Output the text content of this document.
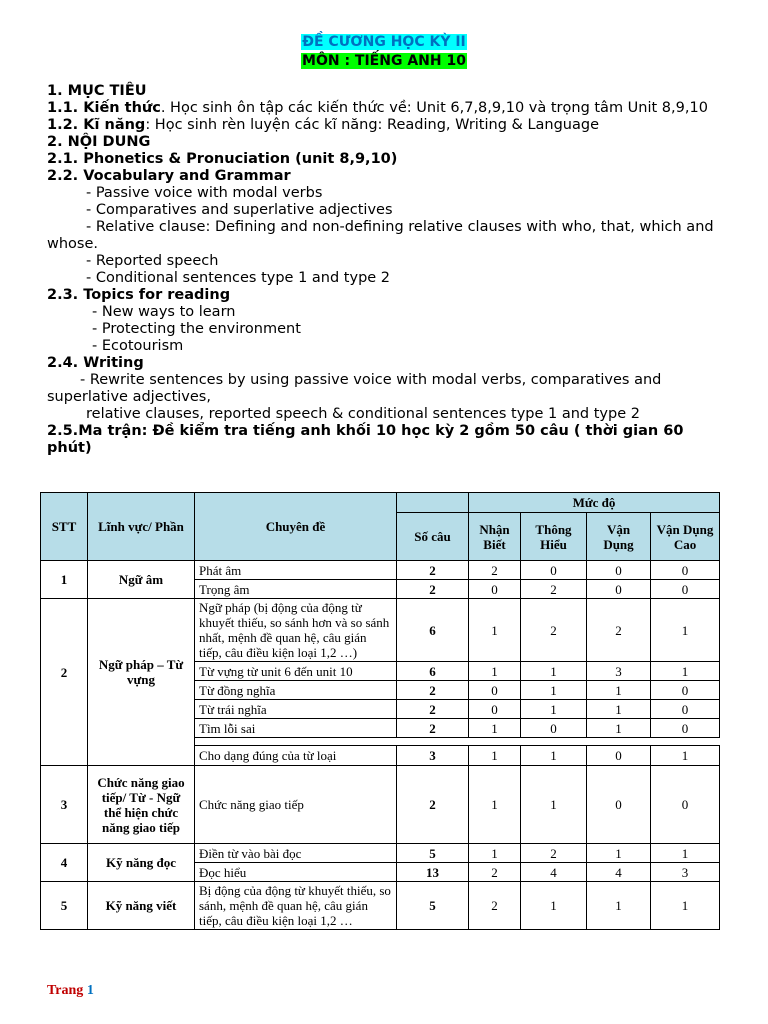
ĐỀ CƯƠNG HỌC KỲ II
MÔN : TIẾNG ANH 10

1. MỤC TIÊU

1.1. Kiến thức. Học sinh ôn tập các kiến thức về: Unit 6,7,8,9,10 và trọng tâm Unit 8,9,10

1.2. Kĩ năng: Học sinh rèn luyện các kĩ năng: Reading, Writing & Language

2. NỘI DUNG

2.1. Phonetics & Pronuciation (unit 8,9,10)

2.2. Vocabulary and Grammar

- Passive voice with modal verbs

- Comparatives and superlative adjectives

- Relative clause: Defining and non-defining relative clauses with who, that, which and whose.

- Reported speech

- Conditional sentences type 1 and type 2

2.3. Topics for reading

- New ways to learn

- Protecting the environment

- Ecotourism

2.4. Writing

- Rewrite sentences by using passive voice with modal verbs, comparatives and superlative adjectives,

relative clauses, reported speech & conditional sentences type 1 and type 2

2.5.Ma trận: Đề kiểm tra tiếng anh khối 10 học kỳ 2 gồm 50 câu ( thời gian 60 phút)

STT	Lĩnh vực/ Phần	Chuyên đề		Mức độ			
			Số câu	Nhận Biết	Thông Hiểu	Vận Dụng	Vận Dụng Cao
1	Ngữ âm	Phát âm	2	2	0	0	0
		Trọng âm	2	0	2	0	0
2	Ngữ pháp – Từ vựng	Ngữ pháp (bị động của động từ khuyết thiếu, so sánh hơn và so sánh nhất, mệnh đề quan hệ, câu gián tiếp, câu điều kiện loại 1,2 …)	6	1	2	2	1
		Từ vựng từ unit 6 đến unit 10	6	1	1	3	1
		Từ đồng nghĩa	2	0	1	1	0
		Từ trái nghĩa	2	0	1	1	0
		Tìm lỗi sai	2	1	0	1	0

		Cho dạng đúng của từ loại	3	1	1	0	1
3	Chức năng giao tiếp/ Từ - Ngữ thể hiện chức năng giao tiếp	Chức năng giao tiếp	2	1	1	0	0
4	Kỹ năng đọc	Điền từ vào bài đọc	5	1	2	1	1
		Đọc hiểu	13	2	4	4	3
5	Kỹ năng viết	Bị động của động từ khuyết thiếu, so sánh, mệnh đề quan hệ, câu gián tiếp, câu điều kiện loại 1,2 …	5	2	1	1	1
Trang 1
